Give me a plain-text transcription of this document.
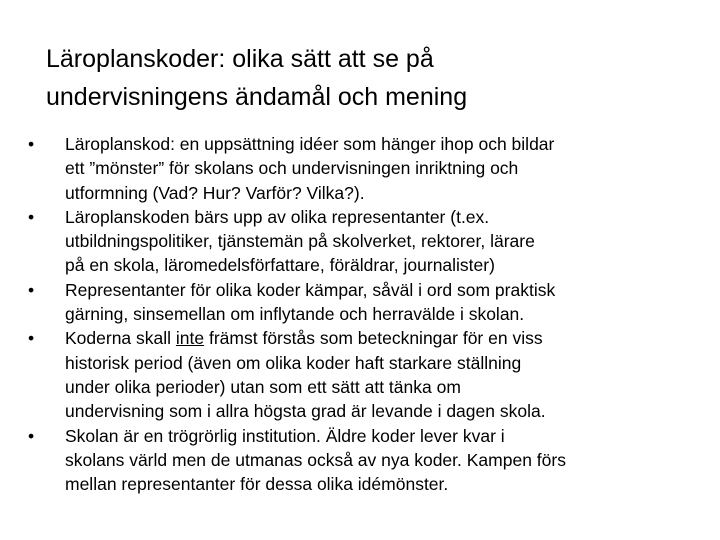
Läroplanskoder: olika sätt att se på
undervisningens ändamål och mening
•	Läroplanskod: en uppsättning idéer som hänger ihop och bildar
ett ”mönster” för skolans och undervisningen inriktning och
utformning (Vad? Hur? Varför? Vilka?).
•	Läroplanskoden bärs upp av olika representanter (t.ex.
utbildningspolitiker, tjänstemän på skolverket, rektorer, lärare
på en skola, läromedelsförfattare, föräldrar, journalister)
•	Representanter för olika koder kämpar, såväl i ord som praktisk
gärning, sinsemellan om inflytande och herravälde i skolan.
•	Koderna skall inte främst förstås som beteckningar för en viss
historisk period (även om olika koder haft starkare ställning
under olika perioder) utan som ett sätt att tänka om
undervisning som i allra högsta grad är levande i dagen skola.
•	Skolan är en trögrörlig institution. Äldre koder lever kvar i
skolans värld men de utmanas också av nya koder. Kampen förs
mellan representanter för dessa olika idémönster.
